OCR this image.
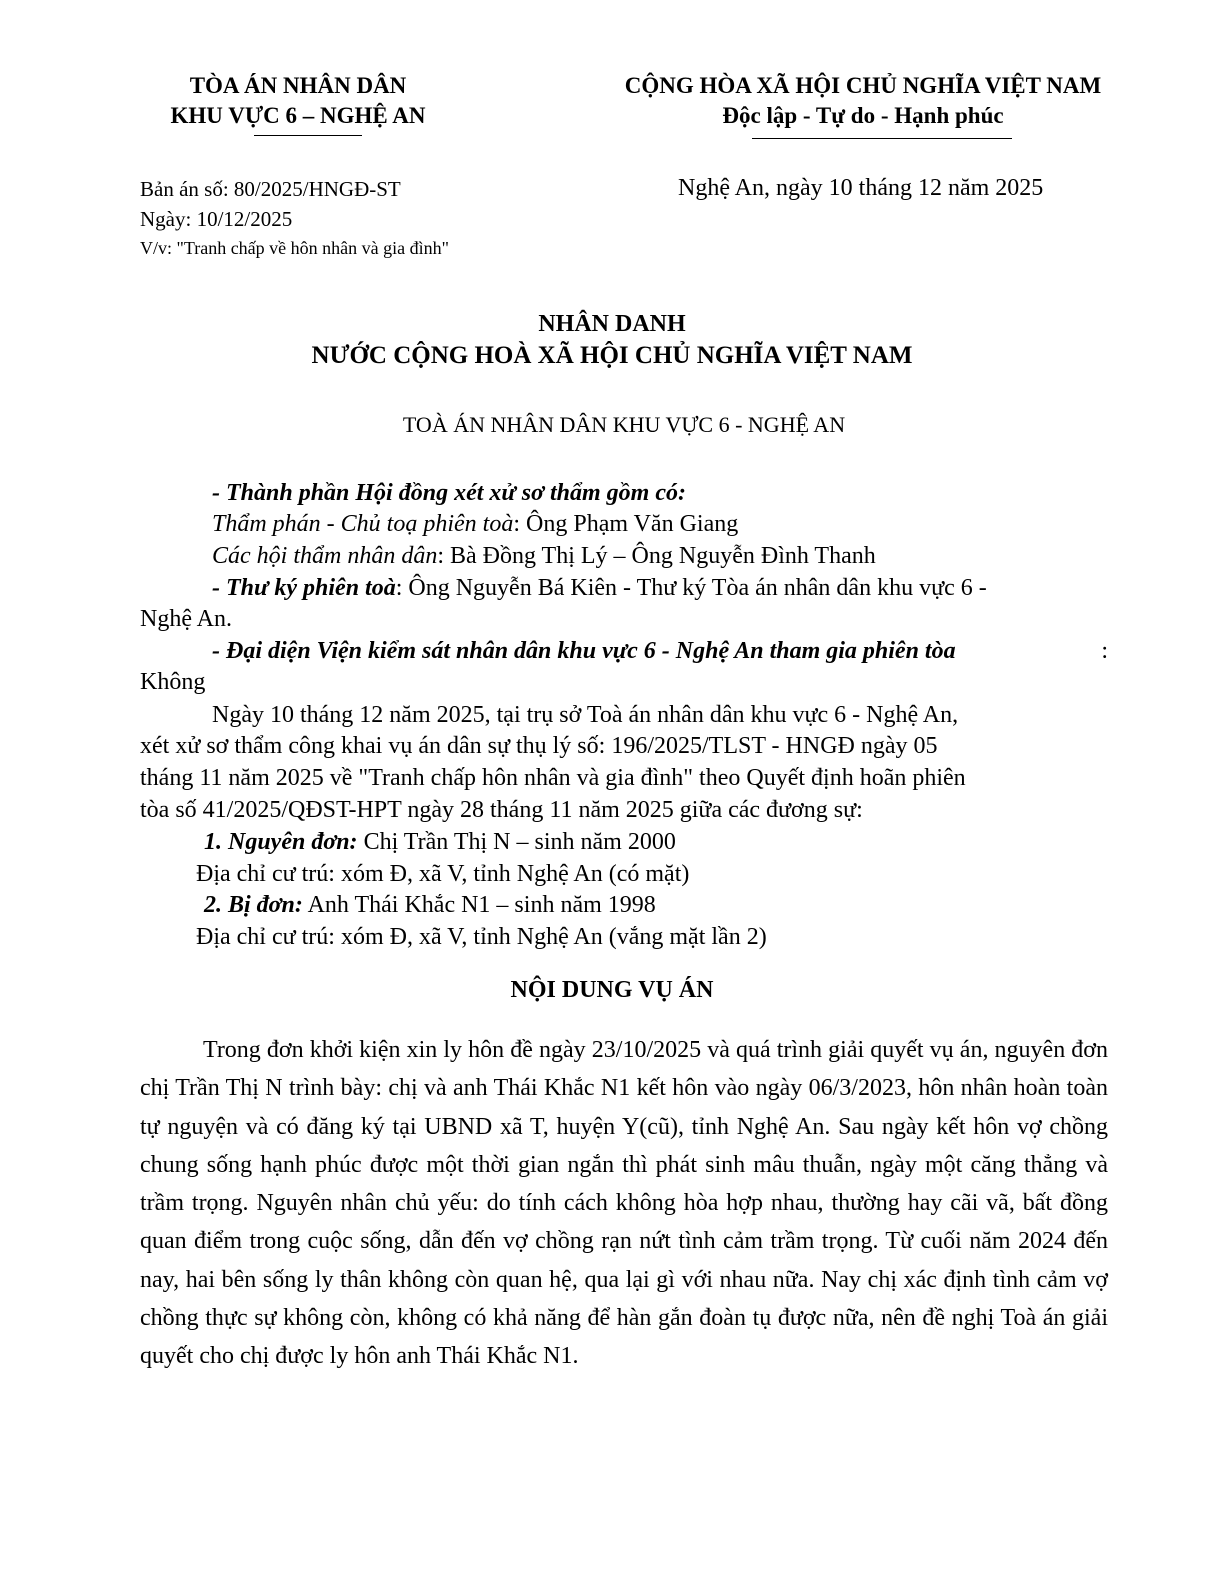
TÒA ÁN NHÂN DÂN
KHU VỰC 6 – NGHỆ AN
CỘNG HÒA XÃ HỘI CHỦ NGHĨA VIỆT NAM
Độc lập - Tự do - Hạnh phúc
Bản án số: 80/2025/HNGĐ-ST
Ngày: 10/12/2025
V/v: "Tranh chấp về hôn nhân và gia đình"
Nghệ An, ngày 10 tháng 12 năm 2025
NHÂN DANH
NƯỚC CỘNG HOÀ XÃ HỘI CHỦ NGHĨA VIỆT NAM
TOÀ ÁN NHÂN DÂN KHU VỰC 6 - NGHỆ AN
- Thành phần Hội đồng xét xử sơ thẩm gồm có:
Thẩm phán - Chủ toạ phiên toà: Ông Phạm Văn Giang
Các hội thẩm nhân dân: Bà Đồng Thị Lý – Ông Nguyễn Đình Thanh
- Thư ký phiên toà: Ông Nguyễn Bá Kiên - Thư ký Tòa án nhân dân khu vực 6 -
Nghệ An.
- Đại diện Viện kiểm sát nhân dân khu vực 6 - Nghệ An tham gia phiên tòa	:
Không
Ngày 10 tháng 12 năm 2025, tại trụ sở Toà án nhân dân khu vực 6 - Nghệ An,
xét xử sơ thẩm công khai vụ án dân sự thụ lý số: 196/2025/TLST - HNGĐ ngày 05
tháng 11 năm 2025 về "Tranh chấp hôn nhân và gia đình" theo Quyết định hoãn phiên
tòa số 41/2025/QĐST-HPT ngày 28 tháng 11 năm 2025 giữa các đương sự:
1. Nguyên đơn: Chị Trần Thị N – sinh năm 2000
Địa chỉ cư trú: xóm Đ, xã V, tỉnh Nghệ An (có mặt)
2. Bị đơn: Anh Thái Khắc N1 – sinh năm 1998
Địa chỉ cư trú: xóm Đ, xã V, tỉnh Nghệ An (vắng mặt lần 2)
NỘI DUNG VỤ ÁN

Trong đơn khởi kiện xin ly hôn đề ngày 23/10/2025 và quá trình giải quyết vụ án, nguyên đơn chị Trần Thị N trình bày: chị và anh Thái Khắc N1 kết hôn vào ngày 06/3/2023, hôn nhân hoàn toàn tự nguyện và có đăng ký tại UBND xã T, huyện Y(cũ), tỉnh Nghệ An. Sau ngày kết hôn vợ chồng chung sống hạnh phúc được một thời gian ngắn thì phát sinh mâu thuẫn, ngày một căng thẳng và trầm trọng. Nguyên nhân chủ yếu: do tính cách không hòa hợp nhau, thường hay cãi vã, bất đồng quan điểm trong cuộc sống, dẫn đến vợ chồng rạn nứt tình cảm trầm trọng. Từ cuối năm 2024 đến nay, hai bên sống ly thân không còn quan hệ, qua lại gì với nhau nữa. Nay chị xác định tình cảm vợ chồng thực sự không còn, không có khả năng để hàn gắn đoàn tụ được nữa, nên đề nghị Toà án giải quyết cho chị được ly hôn anh Thái Khắc N1.
